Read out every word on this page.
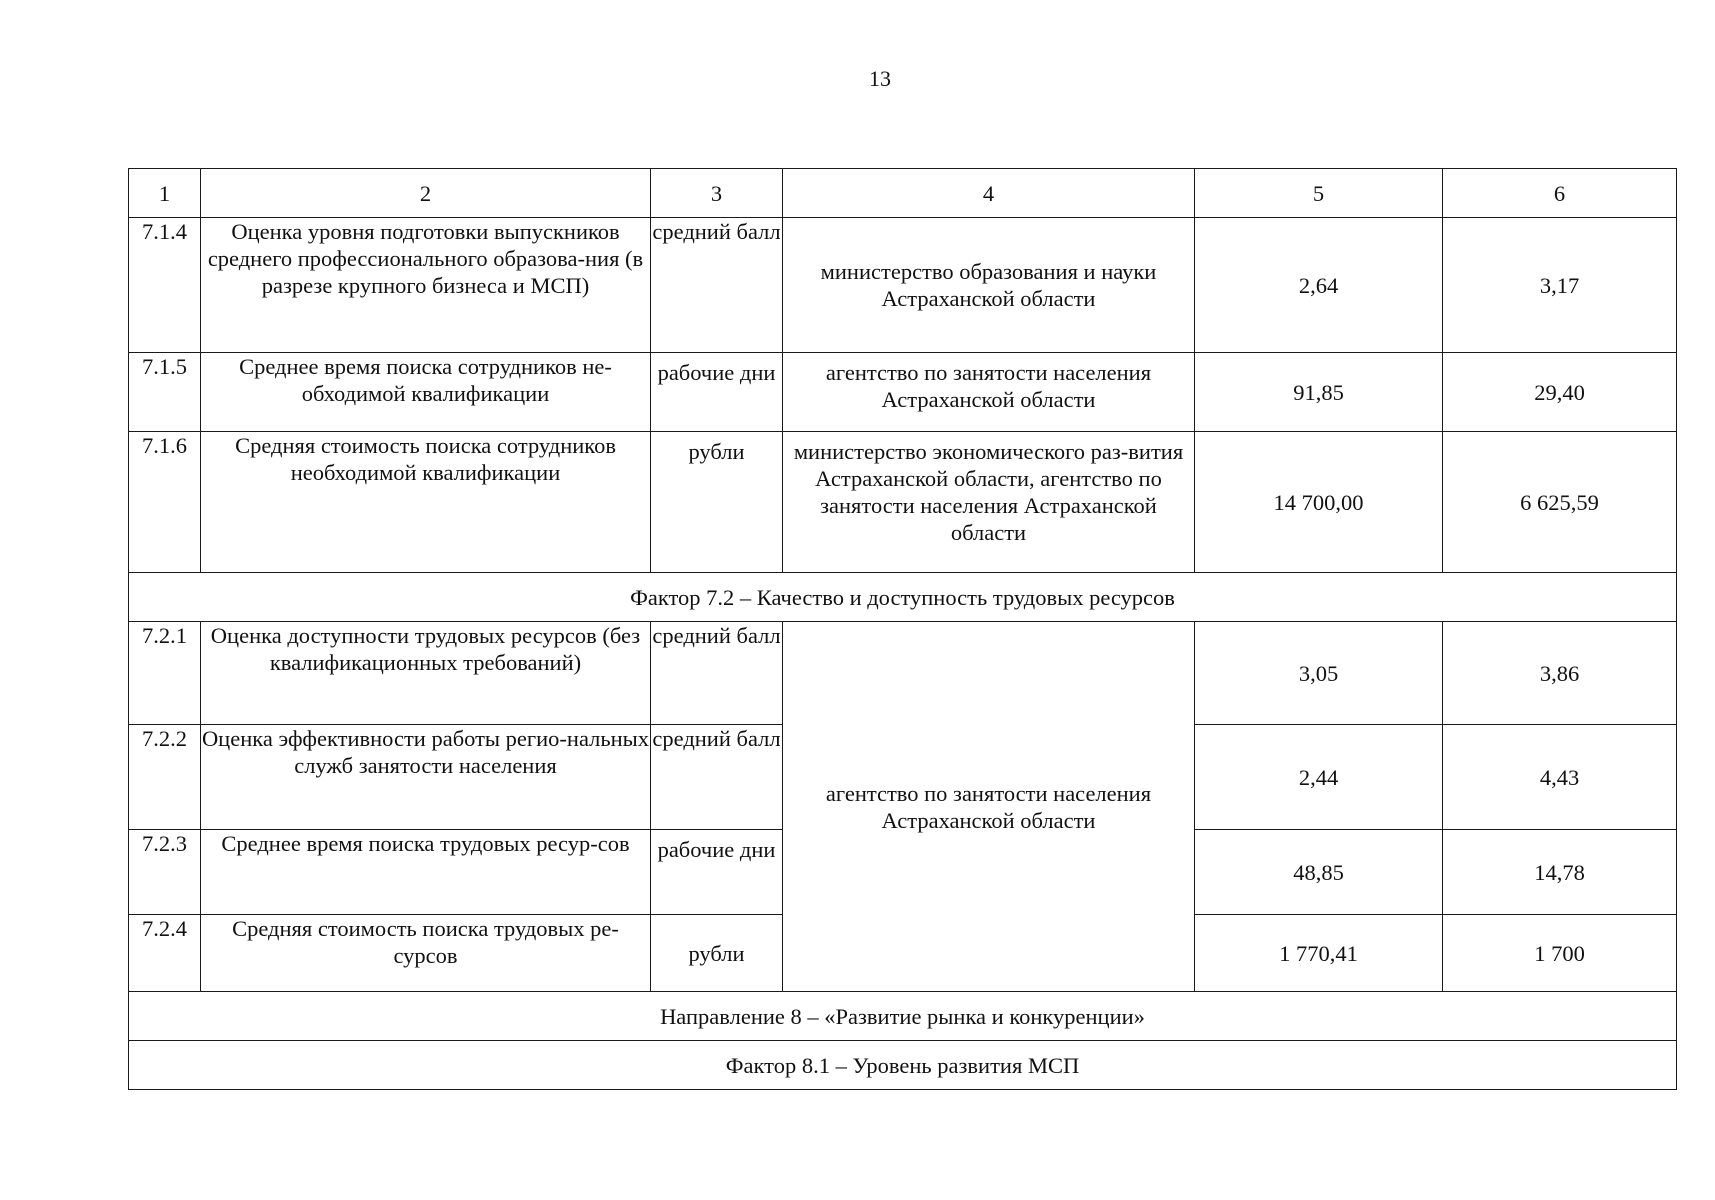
13
1	2	3	4	5	6
7.1.4	Оценка уровня подготовки выпускников среднего профессионального образова-ния (в разрезе крупного бизнеса и МСП)	средний балл	министерство образования и науки Астраханской области	2,64	3,17
7.1.5	Среднее время поиска сотрудников не-обходимой квалификации	рабочие дни	агентство по занятости населения Астраханской области	91,85	29,40
7.1.6	Средняя стоимость поиска сотрудников необходимой квалификации	рубли	министерство экономического раз-вития Астраханской области, агентство по занятости населения Астраханской области	14 700,00	6 625,59
Фактор 7.2 – Качество и доступность трудовых ресурсов					
7.2.1	Оценка доступности трудовых ресурсов (без квалификационных требований)	средний балл	агентство по занятости населения Астраханской области	3,05	3,86
7.2.2	Оценка эффективности работы регио-нальных служб занятости населения	средний балл		2,44	4,43
7.2.3	Среднее время поиска трудовых ресур-сов	рабочие дни		48,85	14,78
7.2.4	Средняя стоимость поиска трудовых ре-сурсов	рубли		1 770,41	1 700
Направление 8 – «Развитие рынка и конкуренции»					
Фактор 8.1 – Уровень развития МСП					
